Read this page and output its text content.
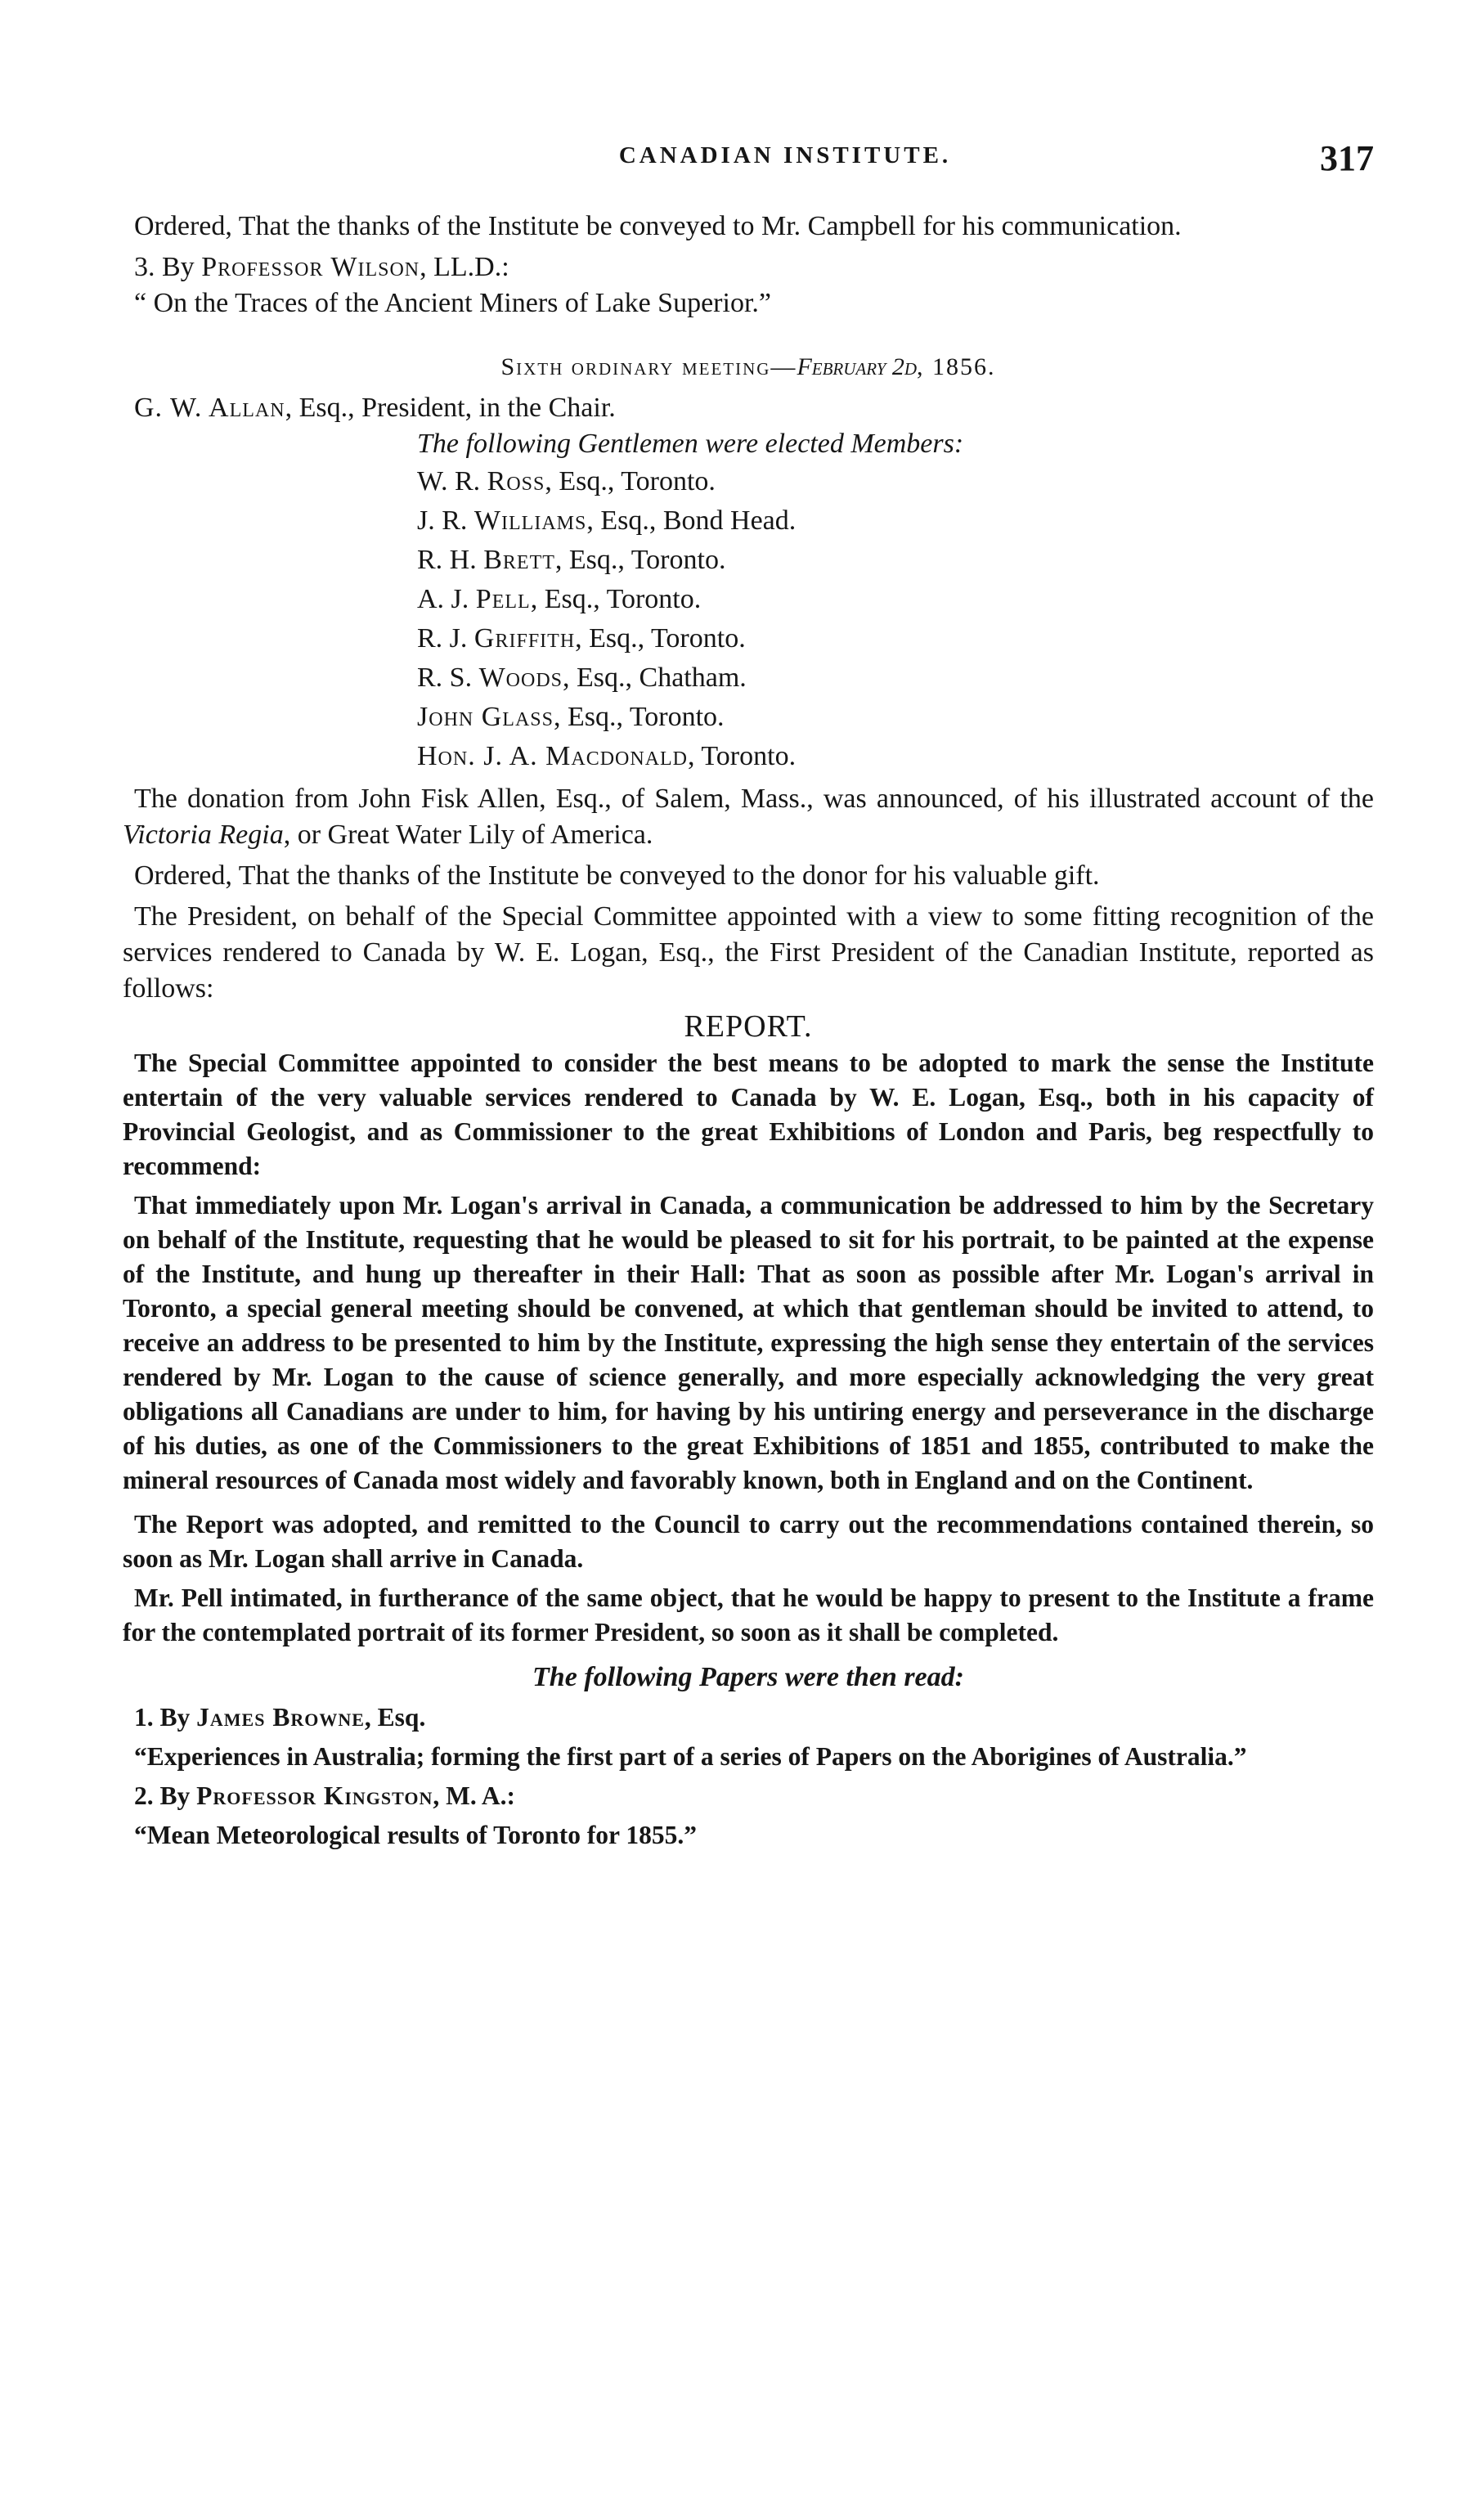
CANADIAN INSTITUTE.	317

Ordered, That the thanks of the Institute be conveyed to Mr. Campbell for his communication.

3. By Professor Wilson, LL.D.:

“ On the Traces of the Ancient Miners of Lake Superior.”

Sixth ordinary meeting—February 2d, 1856.

G. W. Allan, Esq., President, in the Chair.

The following Gentlemen were elected Members:

W. R. Ross, Esq., Toronto.
J. R. Williams, Esq., Bond Head.
R. H. Brett, Esq., Toronto.
A. J. Pell, Esq., Toronto.
R. J. Griffith, Esq., Toronto.
R. S. Woods, Esq., Chatham.
John Glass, Esq., Toronto.
Hon. J. A. Macdonald, Toronto.

The donation from John Fisk Allen, Esq., of Salem, Mass., was announced, of his illustrated account of the Victoria Regia, or Great Water Lily of America.

Ordered, That the thanks of the Institute be conveyed to the donor for his valuable gift.

The President, on behalf of the Special Committee appointed with a view to some fitting recognition of the services rendered to Canada by W. E. Logan, Esq., the First President of the Canadian Institute, reported as follows:

REPORT.

The Special Committee appointed to consider the best means to be adopted to mark the sense the Institute entertain of the very valuable services rendered to Canada by W. E. Logan, Esq., both in his capacity of Provincial Geologist, and as Commissioner to the great Exhibitions of London and Paris, beg respectfully to recommend:

That immediately upon Mr. Logan's arrival in Canada, a communication be addressed to him by the Secretary on behalf of the Institute, requesting that he would be pleased to sit for his portrait, to be painted at the expense of the Institute, and hung up thereafter in their Hall: That as soon as possible after Mr. Logan's arrival in Toronto, a special general meeting should be convened, at which that gentleman should be invited to attend, to receive an address to be presented to him by the Institute, expressing the high sense they entertain of the services rendered by Mr. Logan to the cause of science generally, and more especially acknowledging the very great obligations all Canadians are under to him, for having by his untiring energy and perseverance in the discharge of his duties, as one of the Commissioners to the great Exhibitions of 1851 and 1855, contributed to make the mineral resources of Canada most widely and favorably known, both in England and on the Continent.

The Report was adopted, and remitted to the Council to carry out the recommendations contained therein, so soon as Mr. Logan shall arrive in Canada.

Mr. Pell intimated, in furtherance of the same object, that he would be happy to present to the Institute a frame for the contemplated portrait of its former President, so soon as it shall be completed.

The following Papers were then read:

1. By James Browne, Esq.

“Experiences in Australia; forming the first part of a series of Papers on the Aborigines of Australia.”

2. By Professor Kingston, M. A.:

“Mean Meteorological results of Toronto for 1855.”
